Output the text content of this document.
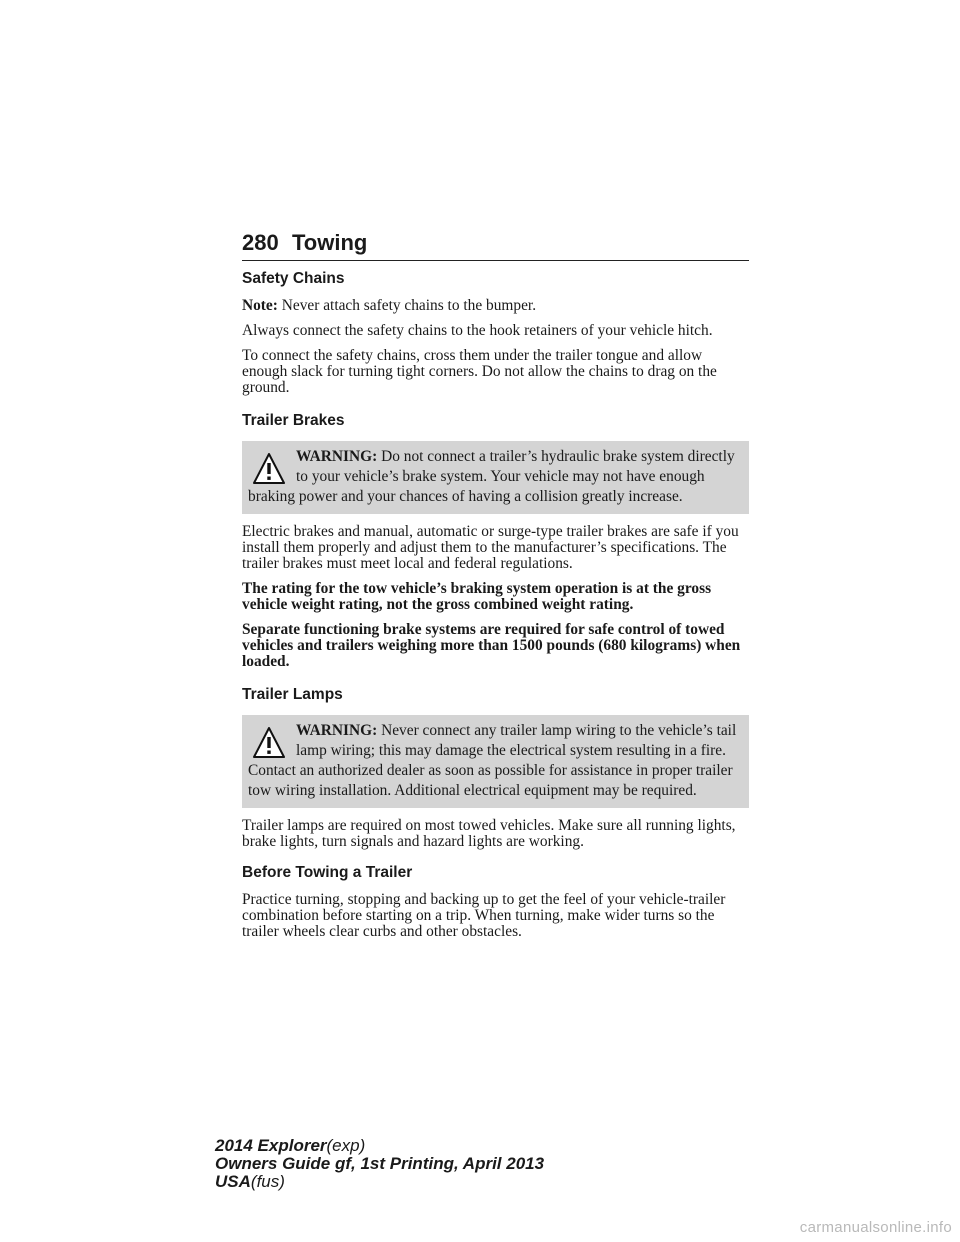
280 Towing
Safety Chains

Note: Never attach safety chains to the bumper.

Always connect the safety chains to the hook retainers of your vehicle hitch.

To connect the safety chains, cross them under the trailer tongue and allow enough slack for turning tight corners. Do not allow the chains to drag on the ground.

Trailer Brakes
WARNING: Do not connect a trailer’s hydraulic brake system directly to your vehicle’s brake system. Your vehicle may not have enough braking power and your chances of having a collision greatly increase.

Electric brakes and manual, automatic or surge-type trailer brakes are safe if you install them properly and adjust them to the manufacturer’s specifications. The trailer brakes must meet local and federal regulations.

The rating for the tow vehicle’s braking system operation is at the gross vehicle weight rating, not the gross combined weight rating.

Separate functioning brake systems are required for safe control of towed vehicles and trailers weighing more than 1500 pounds (680 kilograms) when loaded.

Trailer Lamps
WARNING: Never connect any trailer lamp wiring to the vehicle’s tail lamp wiring; this may damage the electrical system resulting in a fire. Contact an authorized dealer as soon as possible for assistance in proper trailer tow wiring installation. Additional electrical equipment may be required.

Trailer lamps are required on most towed vehicles. Make sure all running lights, brake lights, turn signals and hazard lights are working.

Before Towing a Trailer

Practice turning, stopping and backing up to get the feel of your vehicle-trailer combination before starting on a trip. When turning, make wider turns so the trailer wheels clear curbs and other obstacles.

2014 Explorer(exp)
Owners Guide gf, 1st Printing, April 2013
USA(fus)
carmanualsonline.info
